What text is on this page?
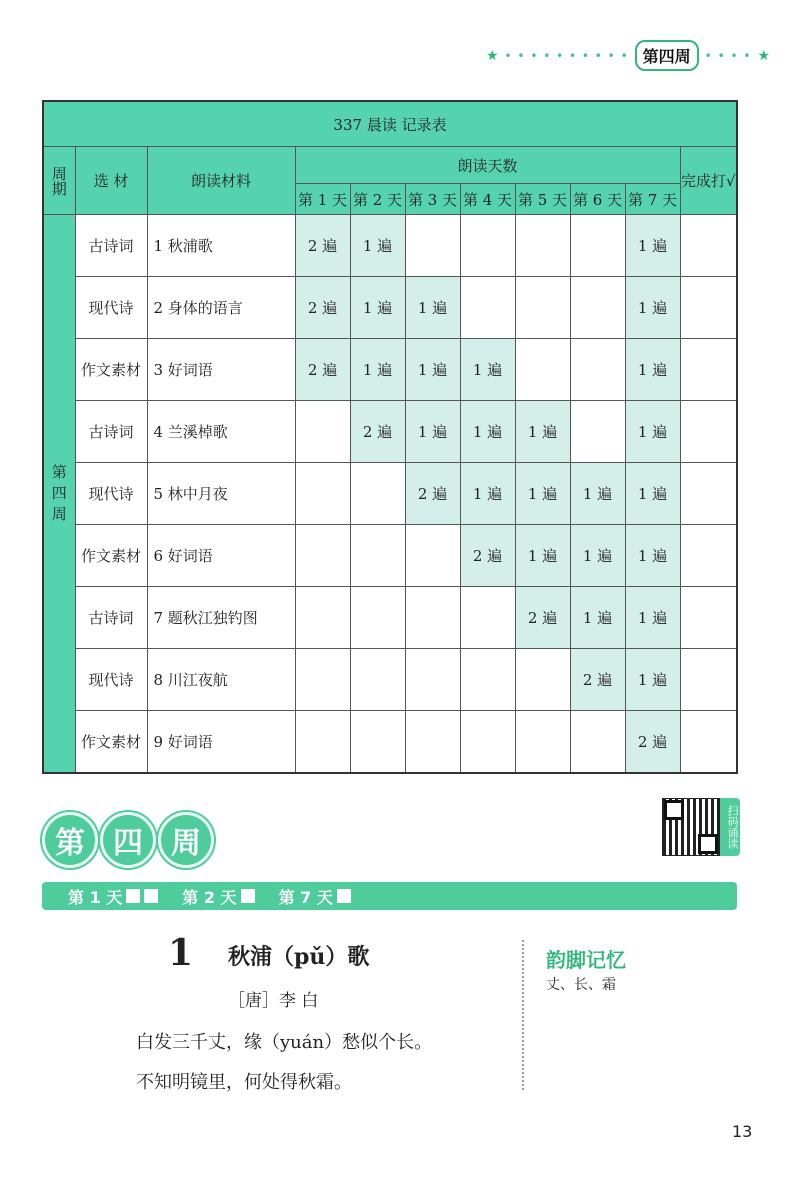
★ • • • • • • • • • • 第四周	• • • • ★
337 晨读 记录表										
周期	选 材	朗读材料	朗读天数							完成打√
			第 1 天	第 2 天	第 3 天	第 4 天	第 5 天	第 6 天	第 7 天	

第
四
周	古诗词	1 秋浦歌	2 遍	1 遍					1 遍	
	现代诗	2 身体的语言	2 遍	1 遍	1 遍				1 遍	
	作文素材	3 好词语	2 遍	1 遍	1 遍	1 遍			1 遍	
	古诗词	4 兰溪棹歌		2 遍	1 遍	1 遍	1 遍		1 遍	
	现代诗	5 林中月夜			2 遍	1 遍	1 遍	1 遍	1 遍	
	作文素材	6 好词语				2 遍	1 遍	1 遍	1 遍	
	古诗词	7 题秋江独钓图					2 遍	1 遍	1 遍	
	现代诗	8 川江夜航						2 遍	1 遍	
	作文素材	9 好词语							2 遍	
第 四 周	扫码诵读
第 1 天	第 2 天	第 7 天
1 秋浦（pǔ）歌
［唐］李 白
白发三千丈，缘（yuán）愁似个长。
不知明镜里，何处得秋霜。
韵脚记忆
丈、长、霜
13
